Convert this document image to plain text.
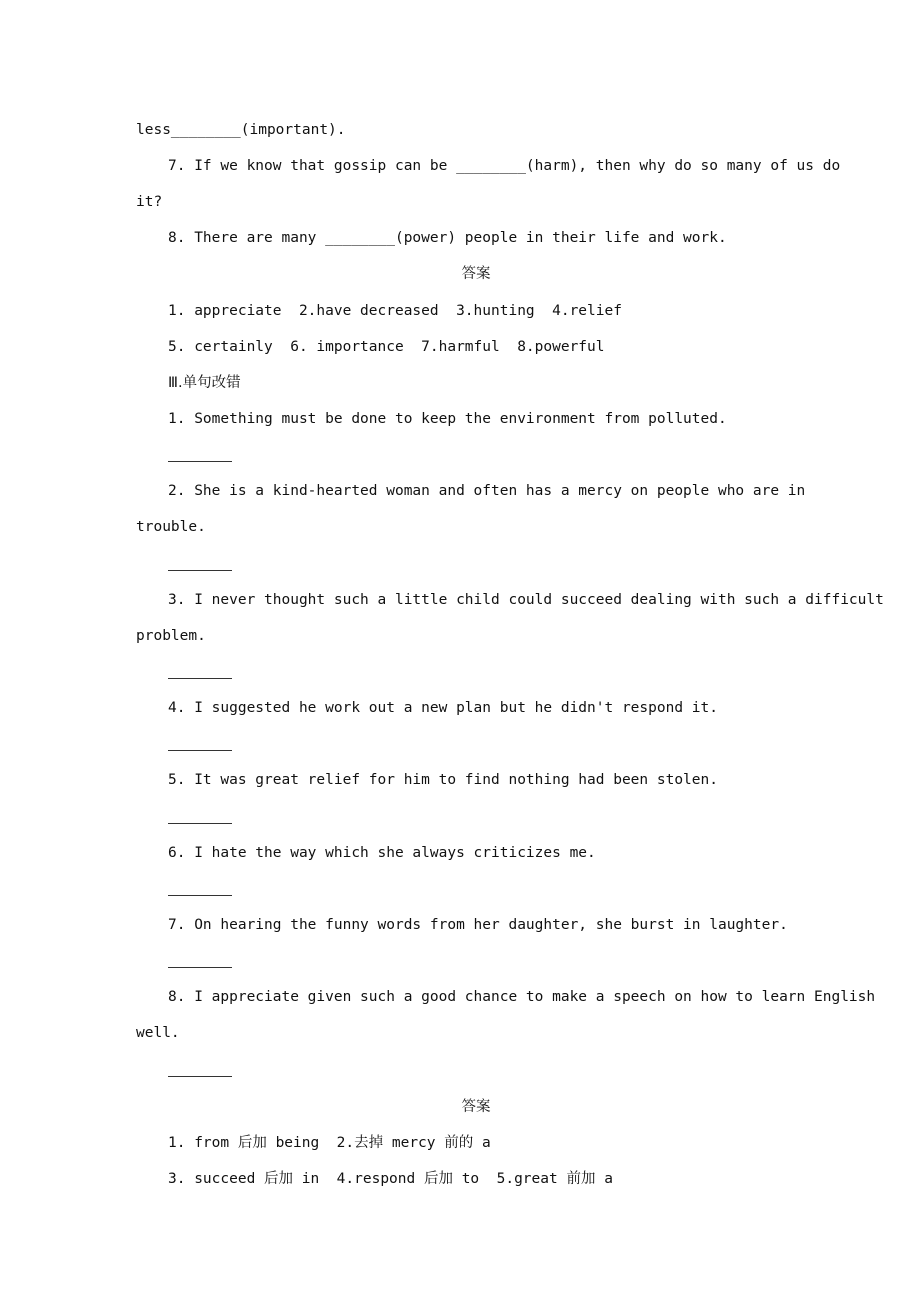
less________(important).
7. If we know that gossip can be ________(harm), then why do so many of us do
it?
8. There are many ________(power) people in their life and work.
答案
1. appreciate  2.have decreased  3.hunting  4.relief
5. certainly  6. importance  7.harmful  8.powerful
Ⅲ.单句改错
1. Something must be done to keep the environment from polluted.
2. She is a kind-hearted woman and often has a mercy on people who are in
trouble.
3. I never thought such a little child could succeed dealing with such a difficult
problem.
4. I suggested he work out a new plan but he didn't respond it.
5. It was great relief for him to find nothing had been stolen.
6. I hate the way which she always criticizes me.
7. On hearing the funny words from her daughter, she burst in laughter.
8. I appreciate given such a good chance to make a speech on how to learn English
well.
答案
1. from 后加 being  2.去掉 mercy 前的 a
3. succeed 后加 in  4.respond 后加 to  5.great 前加 a
